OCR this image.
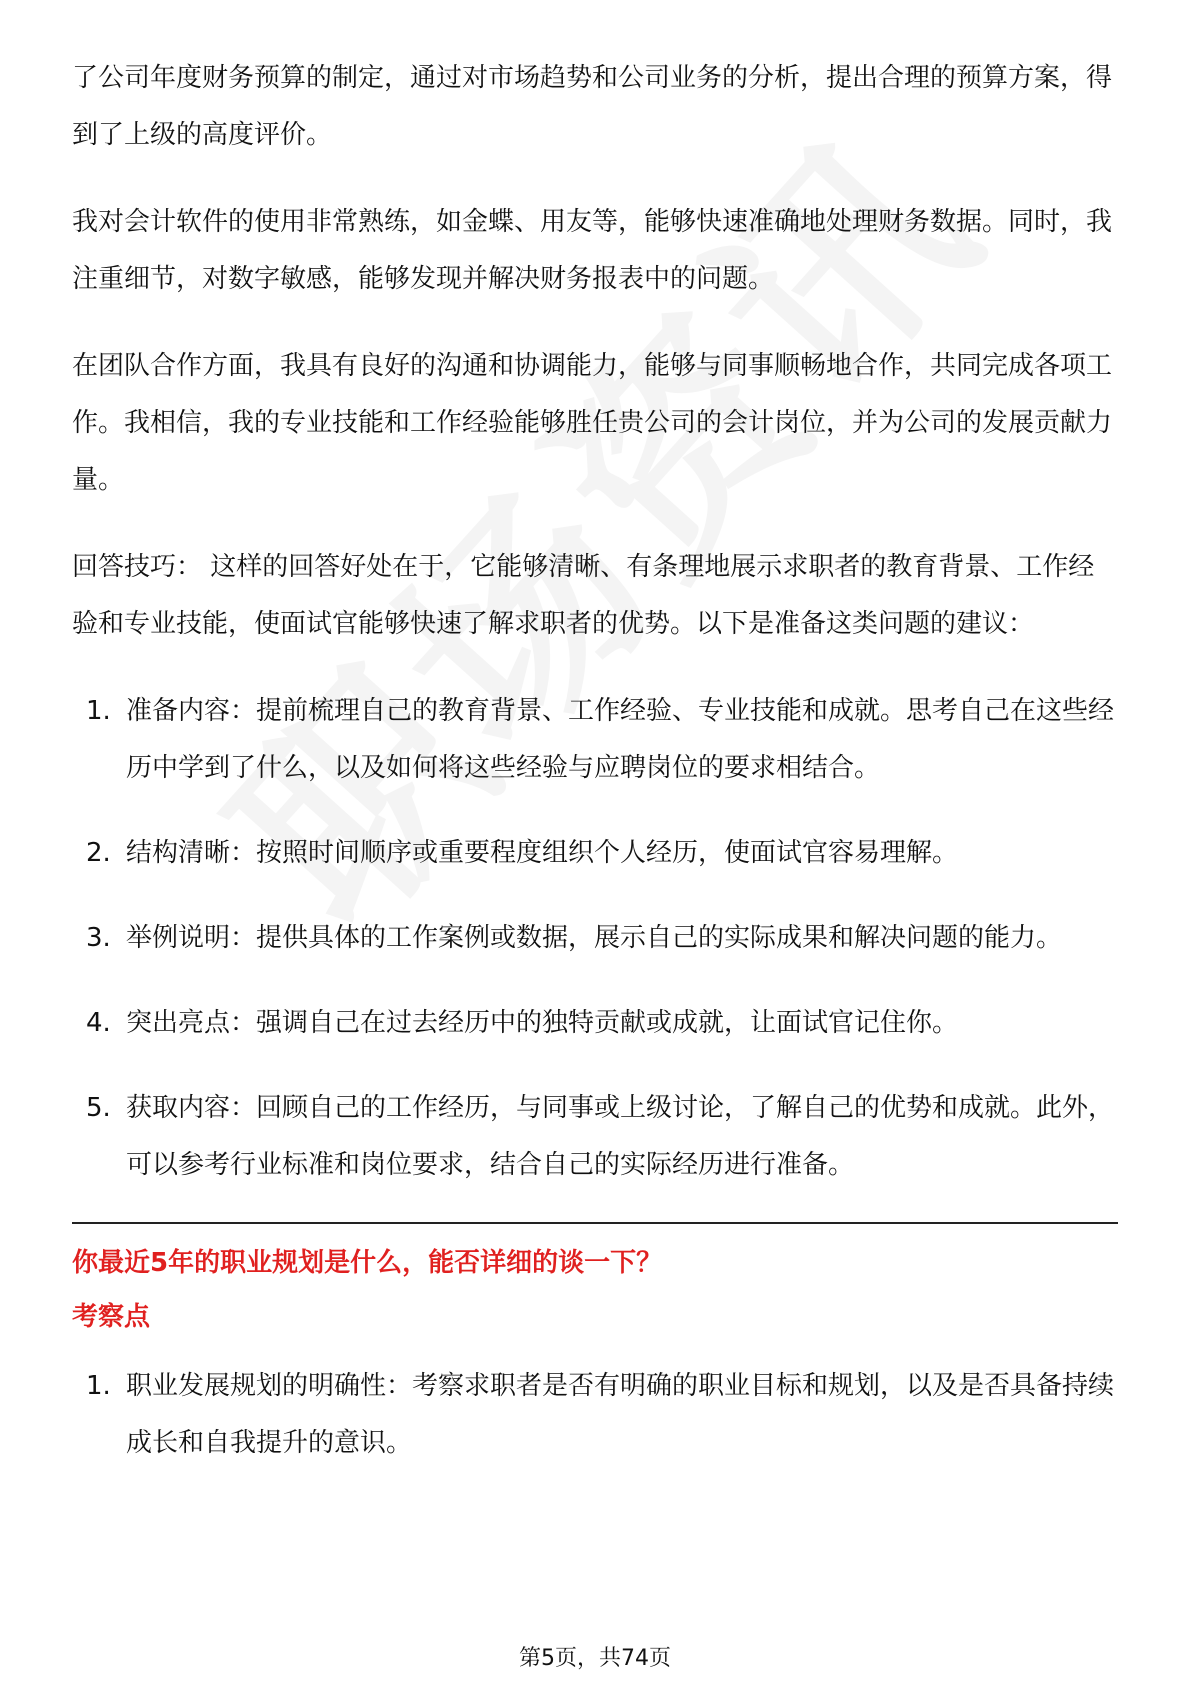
了公司年度财务预算的制定，通过对市场趋势和公司业务的分析，提出合理的预算方案，得到了上级的高度评价。

我对会计软件的使用非常熟练，如金蝶、用友等，能够快速准确地处理财务数据。同时，我注重细节，对数字敏感，能够发现并解决财务报表中的问题。

在团队合作方面，我具有良好的沟通和协调能力，能够与同事顺畅地合作，共同完成各项工作。我相信，我的专业技能和工作经验能够胜任贵公司的会计岗位，并为公司的发展贡献力量。

回答技巧： 这样的回答好处在于，它能够清晰、有条理地展示求职者的教育背景、工作经验和专业技能，使面试官能够快速了解求职者的优势。以下是准备这类问题的建议：

1. 准备内容：提前梳理自己的教育背景、工作经验、专业技能和成就。思考自己在这些经历中学到了什么，以及如何将这些经验与应聘岗位的要求相结合。
2. 结构清晰：按照时间顺序或重要程度组织个人经历，使面试官容易理解。
3. 举例说明：提供具体的工作案例或数据，展示自己的实际成果和解决问题的能力。
4. 突出亮点：强调自己在过去经历中的独特贡献或成就，让面试官记住你。
5. 获取内容：回顾自己的工作经历，与同事或上级讨论，了解自己的优势和成就。此外，可以参考行业标准和岗位要求，结合自己的实际经历进行准备。

你最近5年的职业规划是什么，能否详细的谈一下？

考察点

1. 职业发展规划的明确性：考察求职者是否有明确的职业目标和规划，以及是否具备持续成长和自我提升的意识。
第5页，共74页
